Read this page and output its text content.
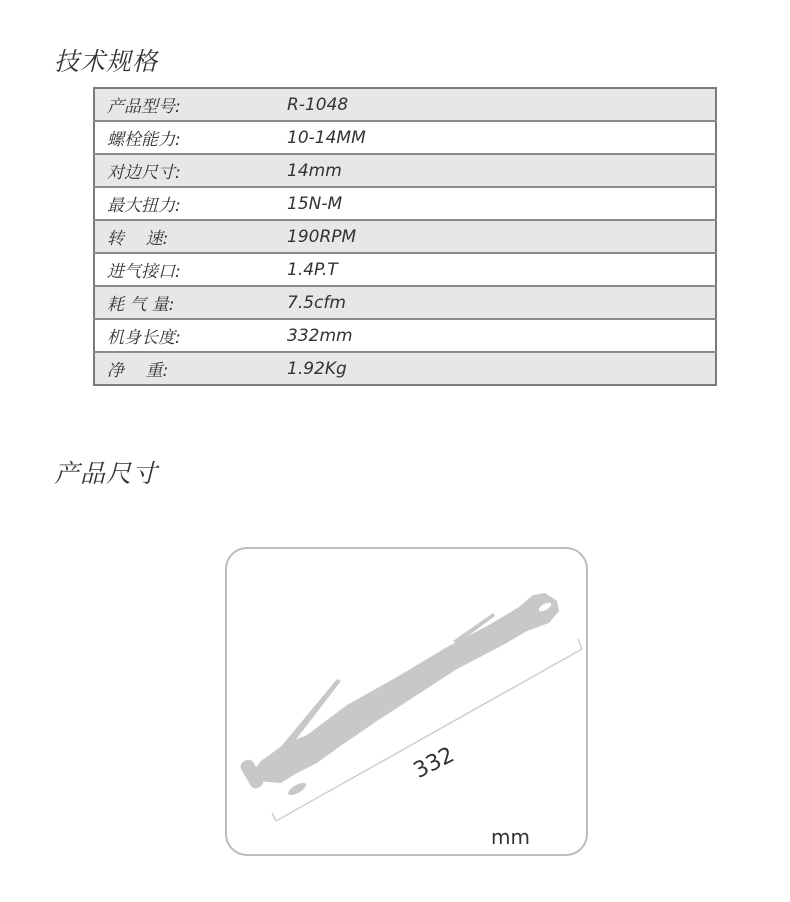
技术规格
产品型号:	R-1048
螺栓能力:	10-14MM
对边尺寸:	14mm
最大扭力:	15N-M
转    速:	190RPM
进气接口:	1.4P.T
耗 气 量:	7.5cfm
机身长度:	332mm
净    重:	1.92Kg
产品尺寸
332
mm
